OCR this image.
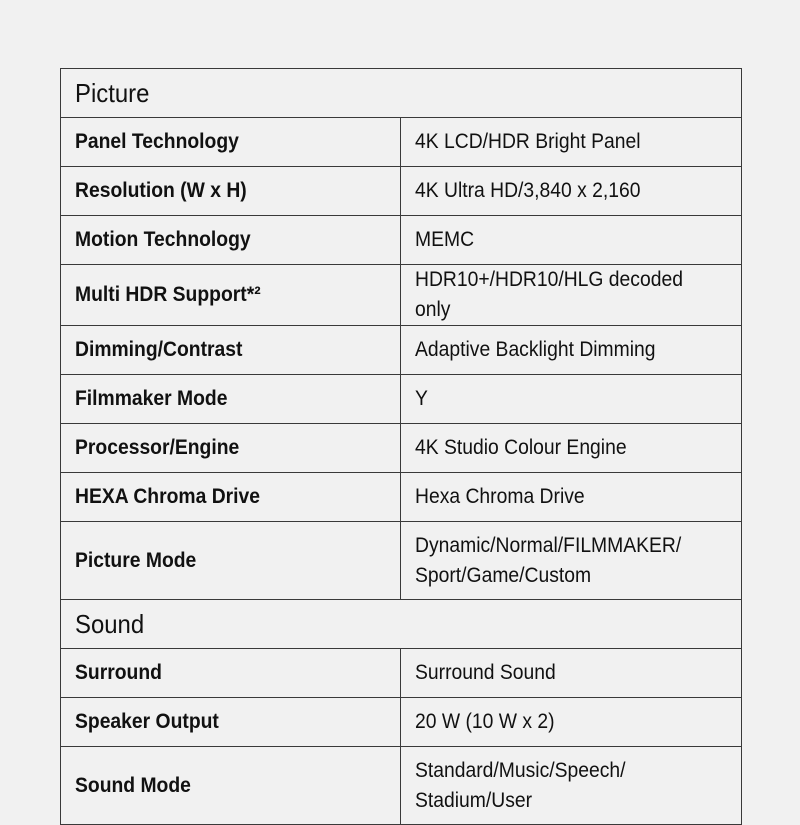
Picture	
Panel Technology	4K LCD/HDR Bright Panel
Resolution (W x H)	4K Ultra HD/3,840 x 2,160
Motion Technology	MEMC
Multi HDR Support*²	HDR10+/HDR10/HLG decoded only
Dimming/Contrast	Adaptive Backlight Dimming
Filmmaker Mode	Y
Processor/Engine	4K Studio Colour Engine
HEXA Chroma Drive	Hexa Chroma Drive
Picture Mode	Dynamic/Normal/FILMMAKER/
Sport/Game/Custom
Sound	
Surround	Surround Sound
Speaker Output	20 W (10 W x 2)
Sound Mode	Standard/Music/Speech/
Stadium/User
